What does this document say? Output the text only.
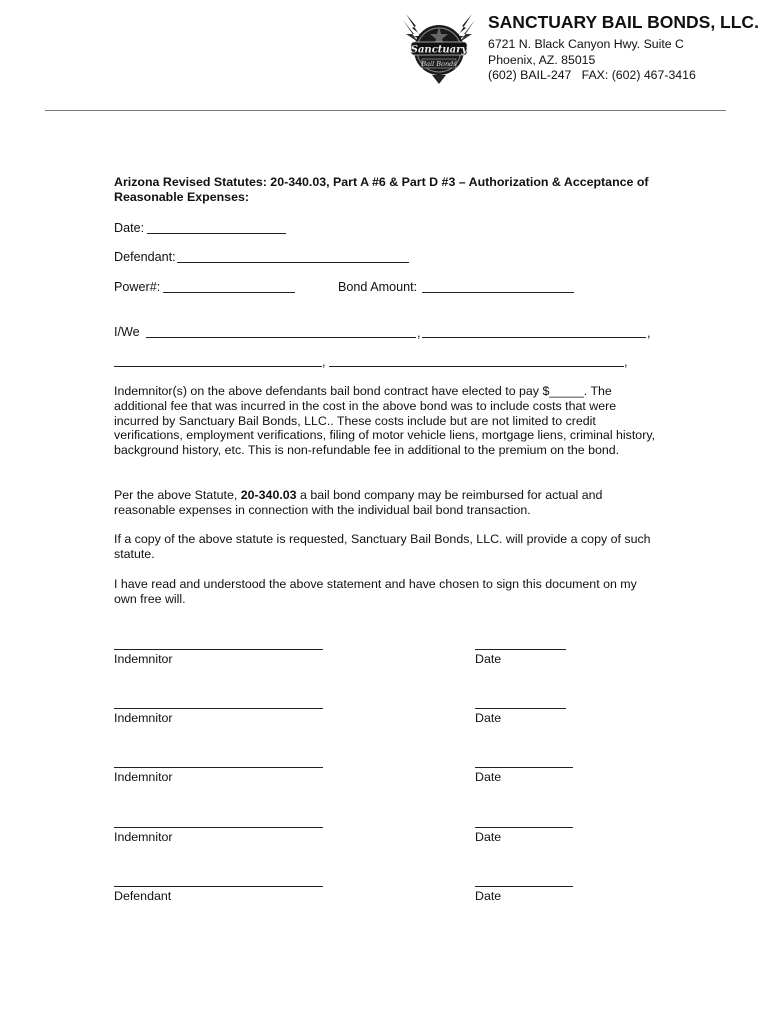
Sanctuary
Bail Bonds
SANCTUARY BAIL BONDS, LLC.
6721 N. Black Canyon Hwy. Suite C
Phoenix, AZ. 85015
(602) BAIL-247   FAX: (602) 467-3416
Arizona Revised Statutes: 20-340.03, Part A #6 & Part D #3 – Authorization & Acceptance of Reasonable Expenses:
Date:
Defendant:
Power#:	Bond Amount:
I/We	,	,
,	,
Indemnitor(s) on the above defendants bail bond contract have elected to pay $_____. The additional fee that was incurred in the cost in the above bond was to include costs that were incurred by Sanctuary Bail Bonds, LLC.. These costs include but are not limited to credit verifications, employment verifications, filing of motor vehicle liens, mortgage liens, criminal history, background history, etc. This is non-refundable fee in additional to the premium on the bond.
Per the above Statute, 20-340.03 a bail bond company may be reimbursed for actual and reasonable expenses in connection with the individual bail bond transaction.
If a copy of the above statute is requested, Sanctuary Bail Bonds, LLC. will provide a copy of such statute.
I have read and understood the above statement and have chosen to sign this document on my own free will.
Indemnitor	Date
Indemnitor	Date
Indemnitor	Date
Indemnitor	Date
Defendant	Date
